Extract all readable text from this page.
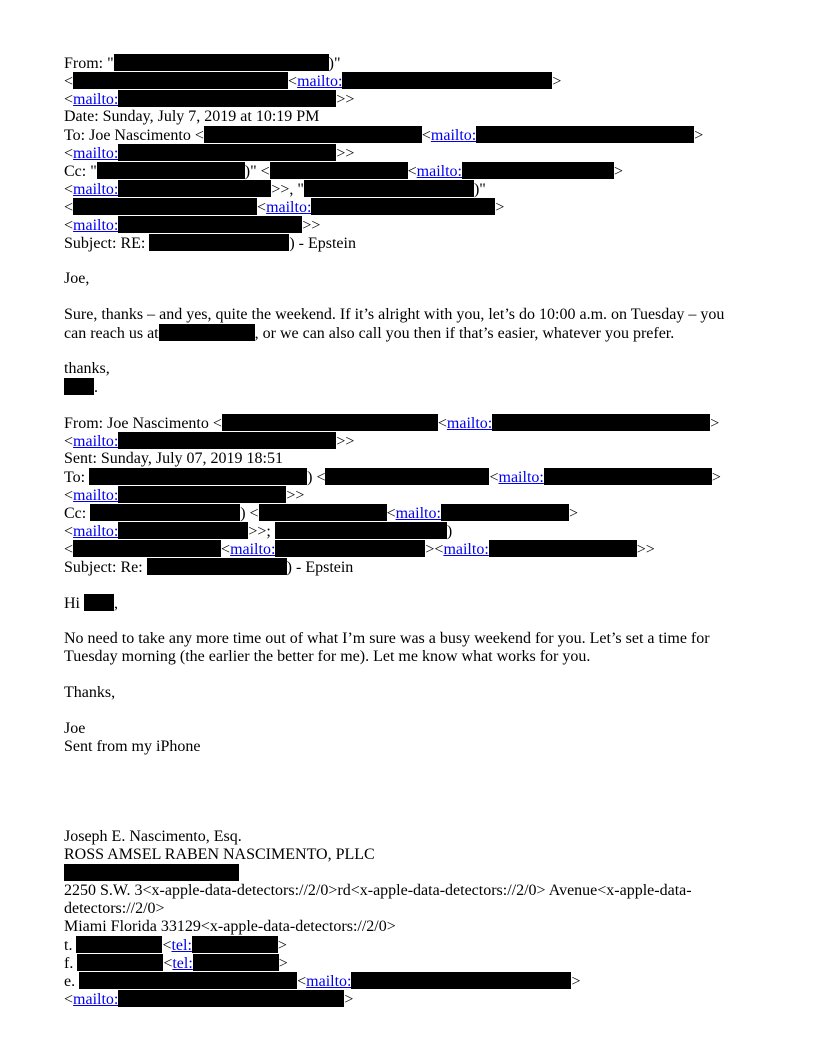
From: "	)"
<	<mailto:	>
<mailto:	>>
Date: Sunday, July 7, 2019 at 10:19 PM
To: Joe Nascimento <	<mailto:	>
<mailto:	>>
Cc: "	)" <	<mailto:	>
<mailto:	>>, "	)"
<	<mailto:	>
<mailto:	>>
Subject: RE:	) - Epstein
Joe,
Sure, thanks – and yes, quite the weekend. If it’s alright with you, let’s do 10:00 a.m. on Tuesday – you
can reach us at	, or we can also call you then if that’s easier, whatever you prefer.
thanks,
.
From: Joe Nascimento <	<mailto:	>
<mailto:	>>
Sent: Sunday, July 07, 2019 18:51
To:	) <	<mailto:	>
<mailto:	>>
Cc:	) <	<mailto:	>
<mailto:	>>;	)
<	<mailto:	><mailto:	>>
Subject: Re:	) - Epstein
Hi ,
No need to take any more time out of what I’m sure was a busy weekend for you. Let’s set a time for
Tuesday morning (the earlier the better for me). Let me know what works for you.
Thanks,
Joe
Sent from my iPhone
Joseph E. Nascimento, Esq.
ROSS AMSEL RABEN NASCIMENTO, PLLC
2250 S.W. 3<x-apple-data-detectors://2/0>rd<x-apple-data-detectors://2/0> Avenue<x-apple-data-
detectors://2/0>
Miami Florida 33129<x-apple-data-detectors://2/0>
t.	<tel:	>
f.	<tel:	>
e.	<mailto:	>
<mailto:	>
